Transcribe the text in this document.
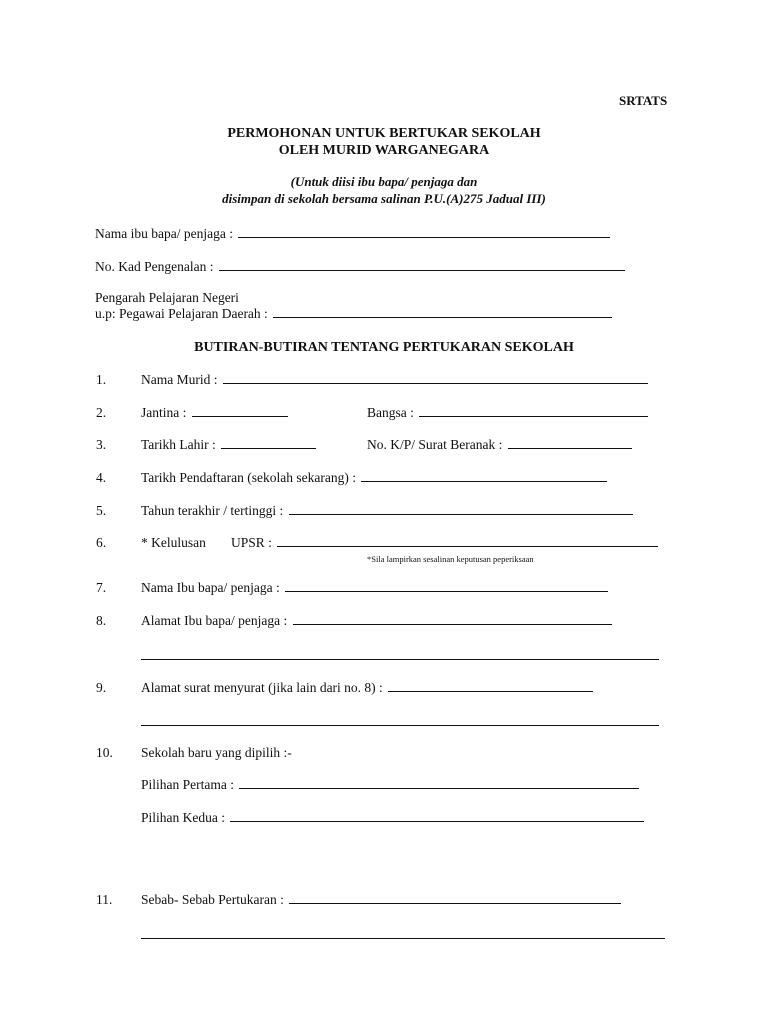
SRTATS
PERMOHONAN UNTUK BERTUKAR SEKOLAH
OLEH MURID WARGANEGARA
(Untuk diisi ibu bapa/ penjaga dan
disimpan di sekolah bersama salinan P.U.(A)275 Jadual III)
Nama ibu bapa/ penjaga :
No. Kad Pengenalan :
Pengarah Pelajaran Negeri
u.p: Pegawai Pelajaran Daerah :
BUTIRAN-BUTIRAN TENTANG PERTUKARAN SEKOLAH
1.	Nama Murid :
2.	Jantina :	Bangsa :
3.	Tarikh Lahir :	No. K/P/ Surat Beranak :
4.	Tarikh Pendaftaran (sekolah sekarang) :
5.	Tahun terakhir / tertinggi :
6.	* Kelulusan UPSR :
*Sila lampirkan sesalinan keputusan peperiksaan
7.	Nama Ibu bapa/ penjaga :
8.	Alamat Ibu bapa/ penjaga :
9.	Alamat surat menyurat (jika lain dari no. 8) :
10. Sekolah baru yang dipilih :-
Pilihan Pertama :
Pilihan Kedua :
11. Sebab- Sebab Pertukaran :
